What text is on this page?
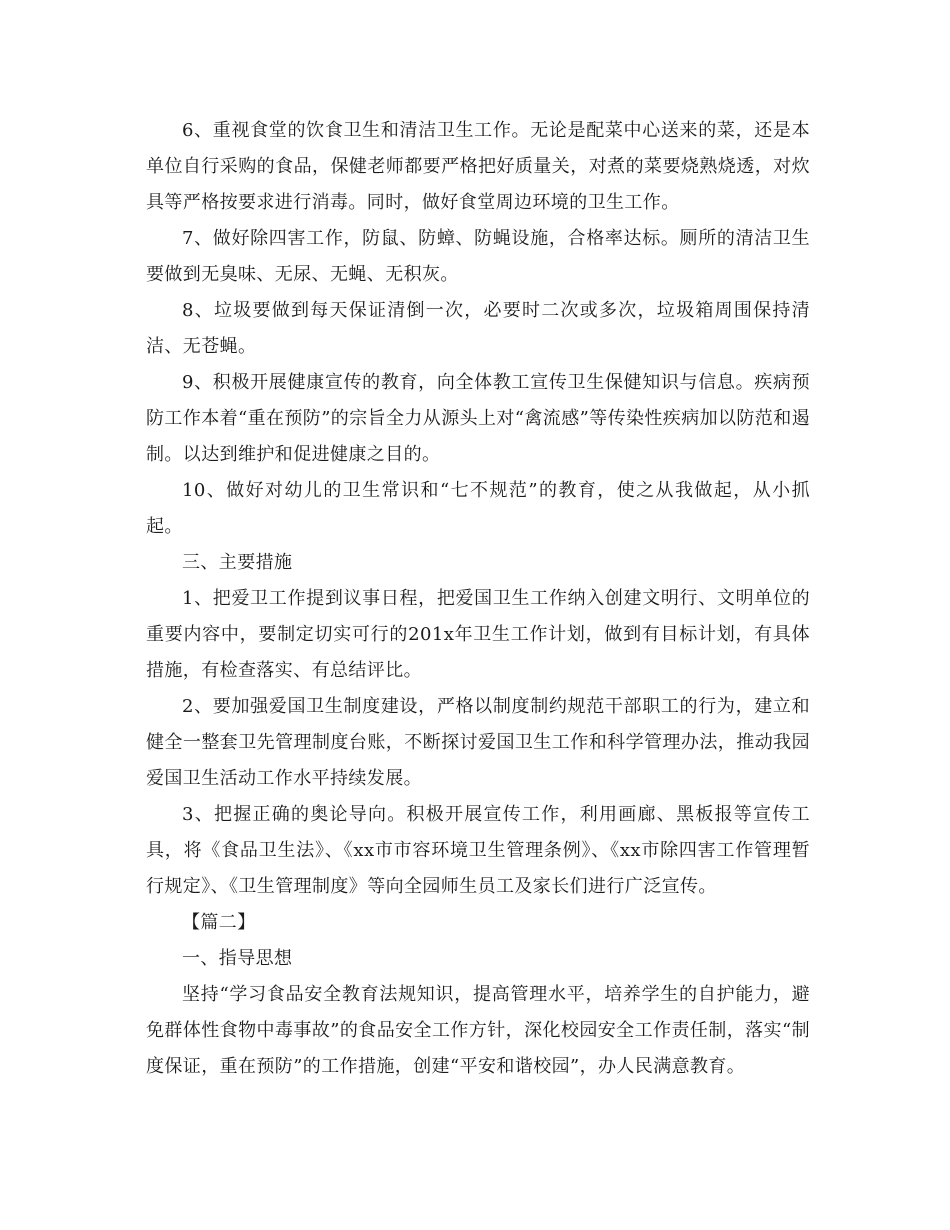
6、重视食堂的饮食卫生和清洁卫生工作。无论是配菜中心送来的菜，还是本单位自行采购的食品，保健老师都要严格把好质量关，对煮的菜要烧熟烧透，对炊具等严格按要求进行消毒。同时，做好食堂周边环境的卫生工作。

7、做好除四害工作，防鼠、防蟑、防蝇设施，合格率达标。厕所的清洁卫生要做到无臭味、无尿、无蝇、无积灰。

8、垃圾要做到每天保证清倒一次，必要时二次或多次，垃圾箱周围保持清洁、无苍蝇。

9、积极开展健康宣传的教育，向全体教工宣传卫生保健知识与信息。疾病预防工作本着“重在预防”的宗旨全力从源头上对“禽流感”等传染性疾病加以防范和遏制。以达到维护和促进健康之目的。

10、做好对幼儿的卫生常识和“七不规范”的教育，使之从我做起，从小抓起。

三、主要措施

1、把爱卫工作提到议事日程，把爱国卫生工作纳入创建文明行、文明单位的重要内容中，要制定切实可行的201x年卫生工作计划，做到有目标计划，有具体措施，有检查落实、有总结评比。

2、要加强爱国卫生制度建设，严格以制度制约规范干部职工的行为，建立和健全一整套卫先管理制度台账，不断探讨爱国卫生工作和科学管理办法，推动我园爱国卫生活动工作水平持续发展。

3、把握正确的奥论导向。积极开展宣传工作，利用画廊、黑板报等宣传工具，将《食品卫生法》、《xx市市容环境卫生管理条例》、《xx市除四害工作管理暂行规定》、《卫生管理制度》等向全园师生员工及家长们进行广泛宣传。

【篇二】

一、指导思想

坚持“学习食品安全教育法规知识，提高管理水平，培养学生的自护能力，避免群体性食物中毒事故”的食品安全工作方针，深化校园安全工作责任制，落实“制度保证，重在预防”的工作措施，创建“平安和谐校园”，办人民满意教育。
